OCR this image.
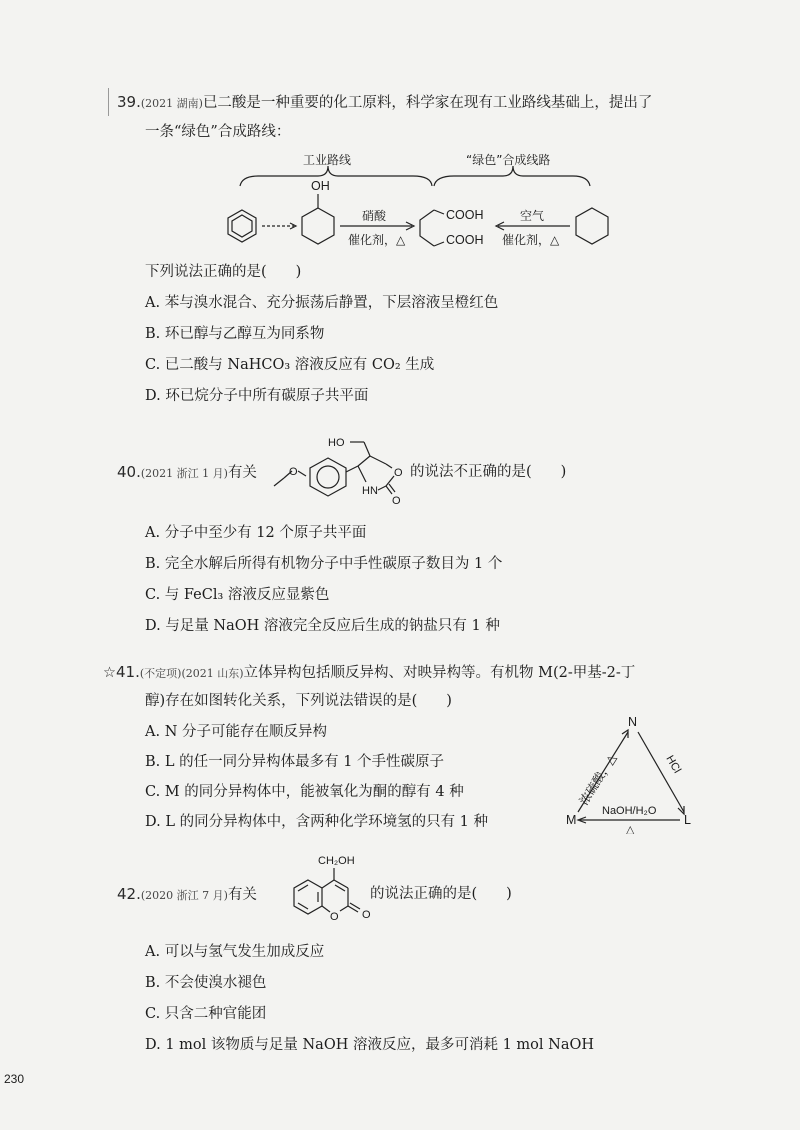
39.(2021 湖南)已二酸是一种重要的化工原料，科学家在现有工业路线基础上，提出了
一条“绿色”合成路线：
工业路线	“绿色”合成线路
OH
硝酸
催化剂，△
COOH
COOH
空气
催化剂，△
下列说法正确的是(　　)
A. 苯与溴水混合、充分振荡后静置，下层溶液呈橙红色
B. 环已醇与乙醇互为同系物
C. 已二酸与 NaHCO₃ 溶液反应有 CO₂ 生成
D. 环已烷分子中所有碳原子共平面
40.(2021 浙江 1 月)有关	O	O
HN
O
HO
的说法不正确的是(　　)
A. 分子中至少有 12 个原子共平面
B. 完全水解后所得有机物分子中手性碳原子数目为 1 个
C. 与 FeCl₃ 溶液反应显紫色
D. 与足量 NaOH 溶液完全反应后生成的钠盐只有 1 种
☆41.(不定项)(2021 山东)立体异构包括顺反异构、对映异构等。有机物 M(2-甲基-2-丁
醇)存在如图转化关系，下列说法错误的是(　　)
A. N 分子可能存在顺反异构
B. L 的任一同分异构体最多有 1 个手性碳原子
C. M 的同分异构体中，能被氧化为酮的醇有 4 种
D. L 的同分异构体中，含两种化学环境氢的只有 1 种
N
M	L
浓硫酸，△	HCl
NaOH/H₂O
△
42.(2020 浙江 7 月)有关
CH₂OH
O O
的说法正确的是(　　)
A. 可以与氢气发生加成反应
B. 不会使溴水褪色
C. 只含二种官能团
D. 1 mol 该物质与足量 NaOH 溶液反应，最多可消耗 1 mol NaOH
230
